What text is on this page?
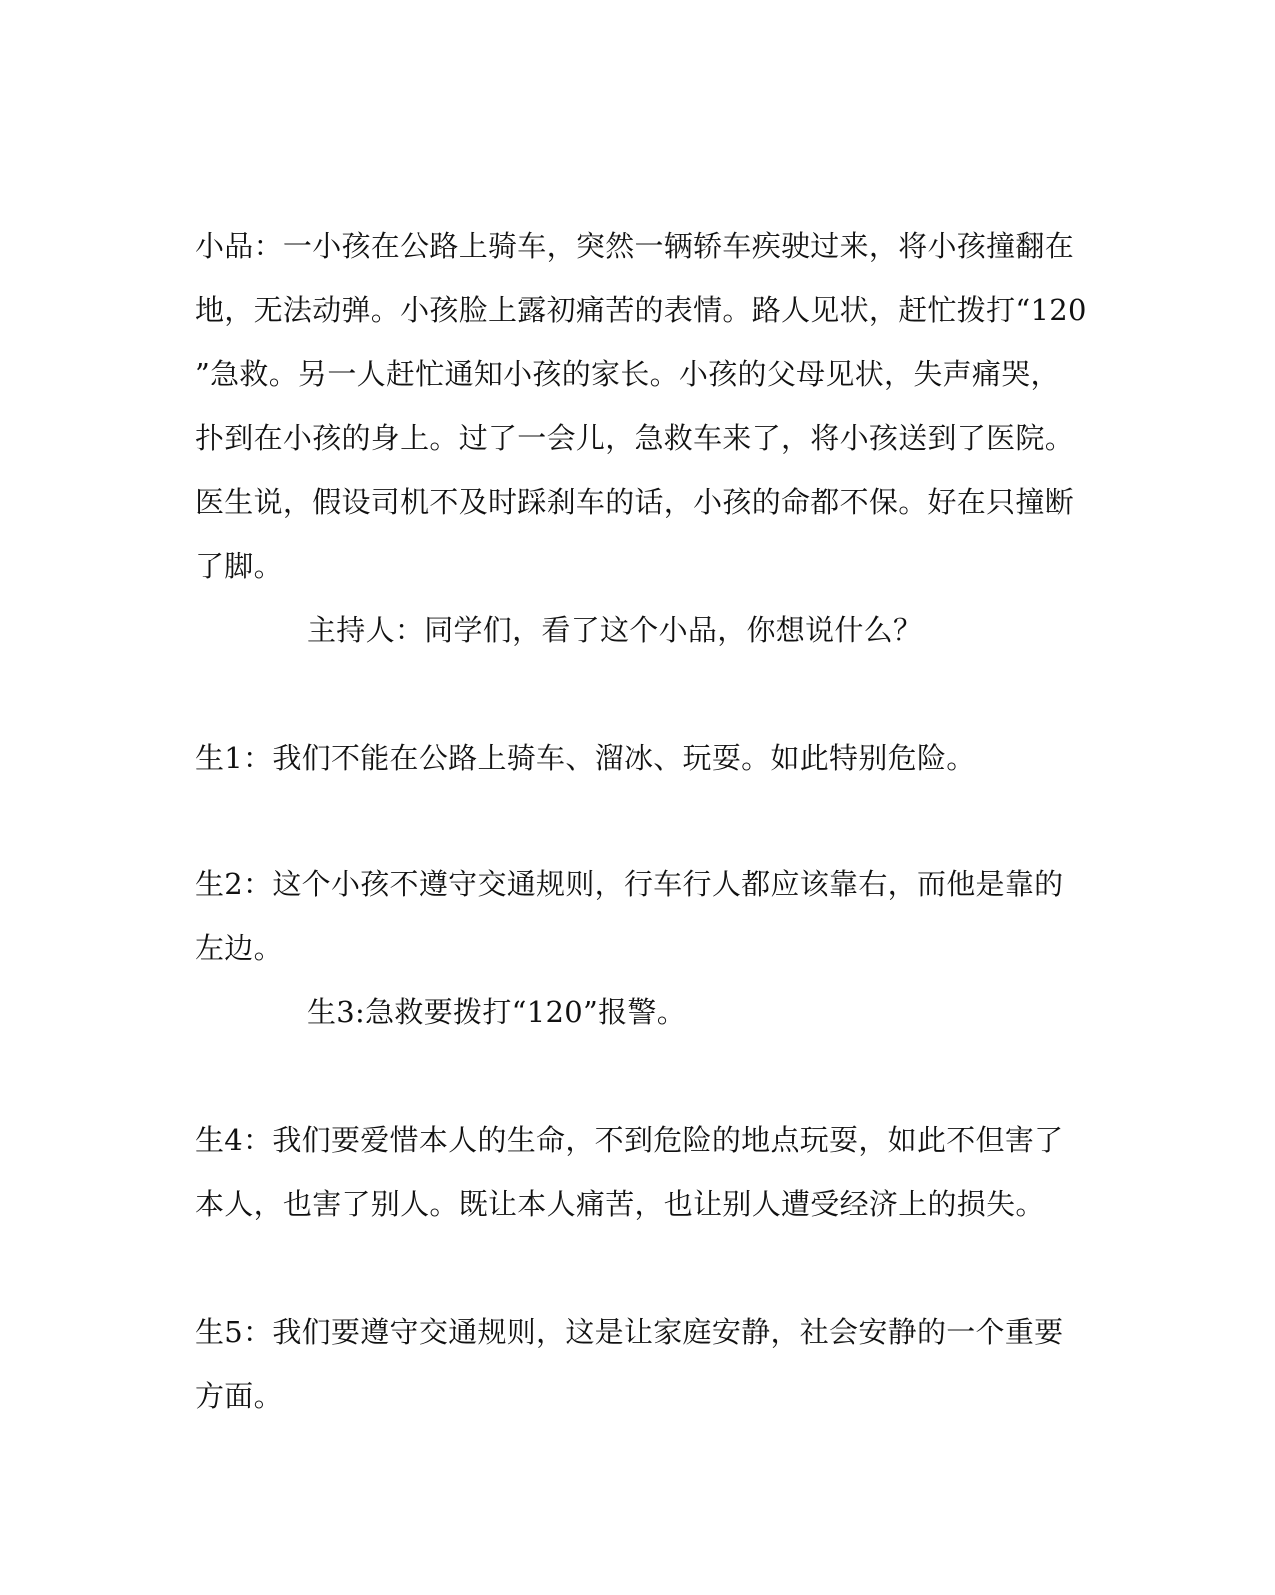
小品：一小孩在公路上骑车，突然一辆轿车疾驶过来，将小孩撞翻在
地，无法动弹。小孩脸上露初痛苦的表情。路人见状，赶忙拨打“120
”急救。另一人赶忙通知小孩的家长。小孩的父母见状，失声痛哭，
扑到在小孩的身上。过了一会儿，急救车来了，将小孩送到了医院。
医生说，假设司机不及时踩刹车的话，小孩的命都不保。好在只撞断
了脚。
主持人：同学们，看了这个小品，你想说什么？
生1：我们不能在公路上骑车、溜冰、玩耍。如此特别危险。
生2：这个小孩不遵守交通规则，行车行人都应该靠右，而他是靠的
左边。
生3:急救要拨打“120”报警。
生4：我们要爱惜本人的生命，不到危险的地点玩耍，如此不但害了
本人，也害了别人。既让本人痛苦，也让别人遭受经济上的损失。
生5：我们要遵守交通规则，这是让家庭安静，社会安静的一个重要
方面。
